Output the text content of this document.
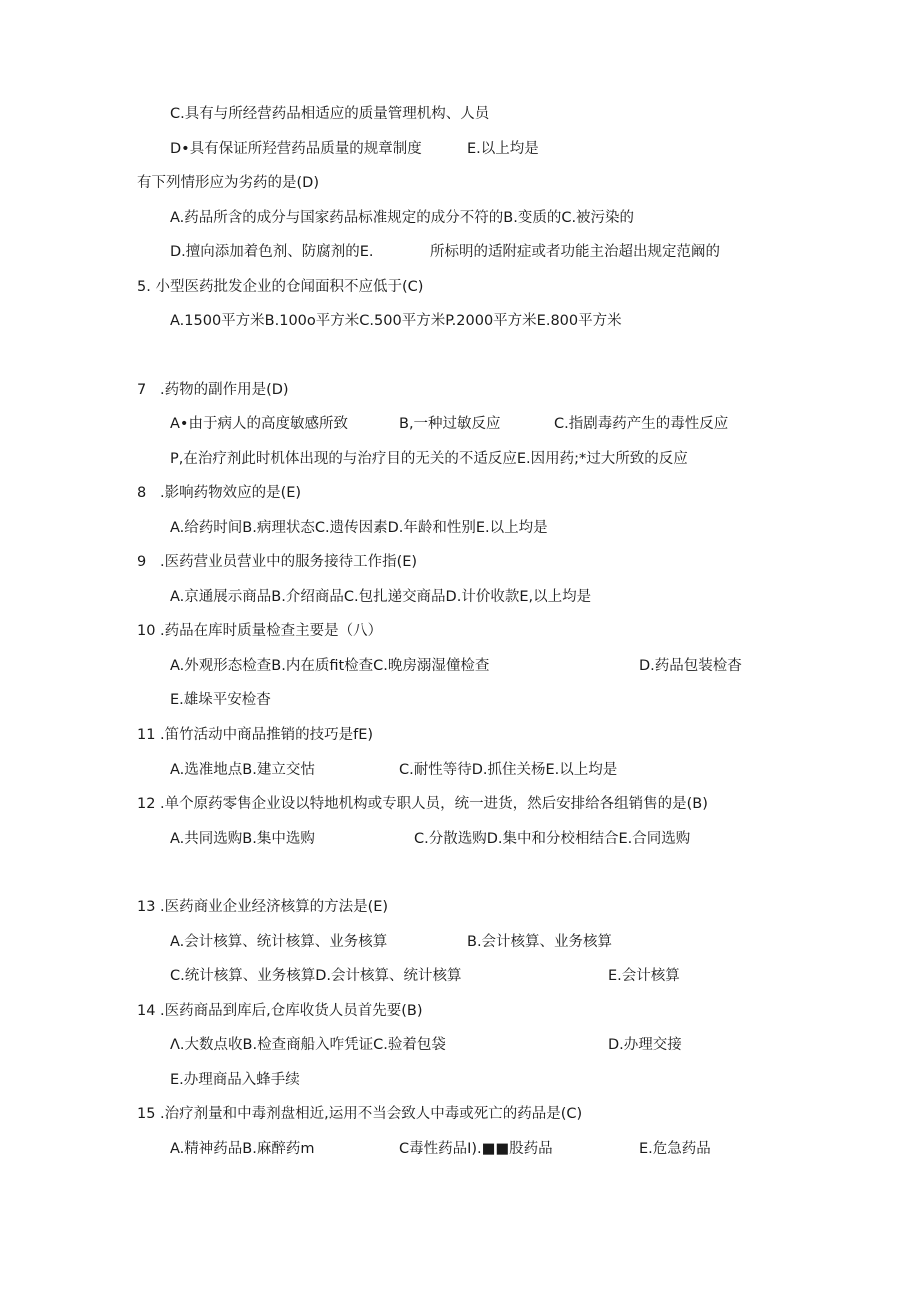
C.具有与所经营药品相适应的质量管理机构、人员
D•具有保证所羟营药品质量的规章制度	E.以上均是
有下列情形应为劣药的是(D)
A.药品所含的成分与国家药品标准规定的成分不符的B.变质的C.被污染的
D.擅向添加着色剂、防腐剂的E.	所标明的适附症或者功能主治超出规定范阚的
5. 小型医药批发企业的仓闻面积不应低于(C)
A.1500平方米B.100o平方米C.500平方米P.2000平方米E.800平方米
7 .药物的副作用是(D)
A•由于病人的高度敏感所致	B,一种过敏反应	C.指剧毒药产生的毒性反应
P,在治疗剂此时机体出现的与治疗目的无关的不适反应E.因用药;*过大所致的反应
8 .影响药物效应的是(E)
A.给药时间B.病理状态C.遗传因素D.年龄和性别E.以上均是
9 .医药营业员营业中的服务接待工作指(E)
A.京通展示商品B.介绍商品C.包扎递交商品D.计价收款E,以上均是
10 .药品在库时质量检查主要是（八）
A.外观形态检查B.内在质fit检查C.晚房溺湿僮检查	D.药品包装检杳
E.雄垛平安检杳
11 .笛竹活动中商品推销的技巧是fE)
A.选准地点B.建立交怙	C.耐性等待D.抓住关杨E.以上均是
12 .单个原药零售企业设以特地机构或专职人员，统一进货，然后安排给各组销售的是(B)
A.共同选购B.集中选购	C.分散选购D.集中和分校相结合E.合同选购
13 .医药商业企业经济核算的方法是(E)
A.会计核算、统计核算、业务核算	B.会计核算、业务核算
C.统计核算、业务核算D.会计核算、统计核算	E.会计核算
14 .医药商品到库后,仓库收货人员首先要(B)
Λ.大数点收B.检查商船入咋凭证C.验着包袋	D.办理交接
E.办理商品入蜂手续
15 .治疗剂量和中毒剂盘相近,运用不当会致人中毒或死亡的药品是(C)
A.精神药品B.麻醉药m	C毒性药品I).■■股药品	E.危急药品
